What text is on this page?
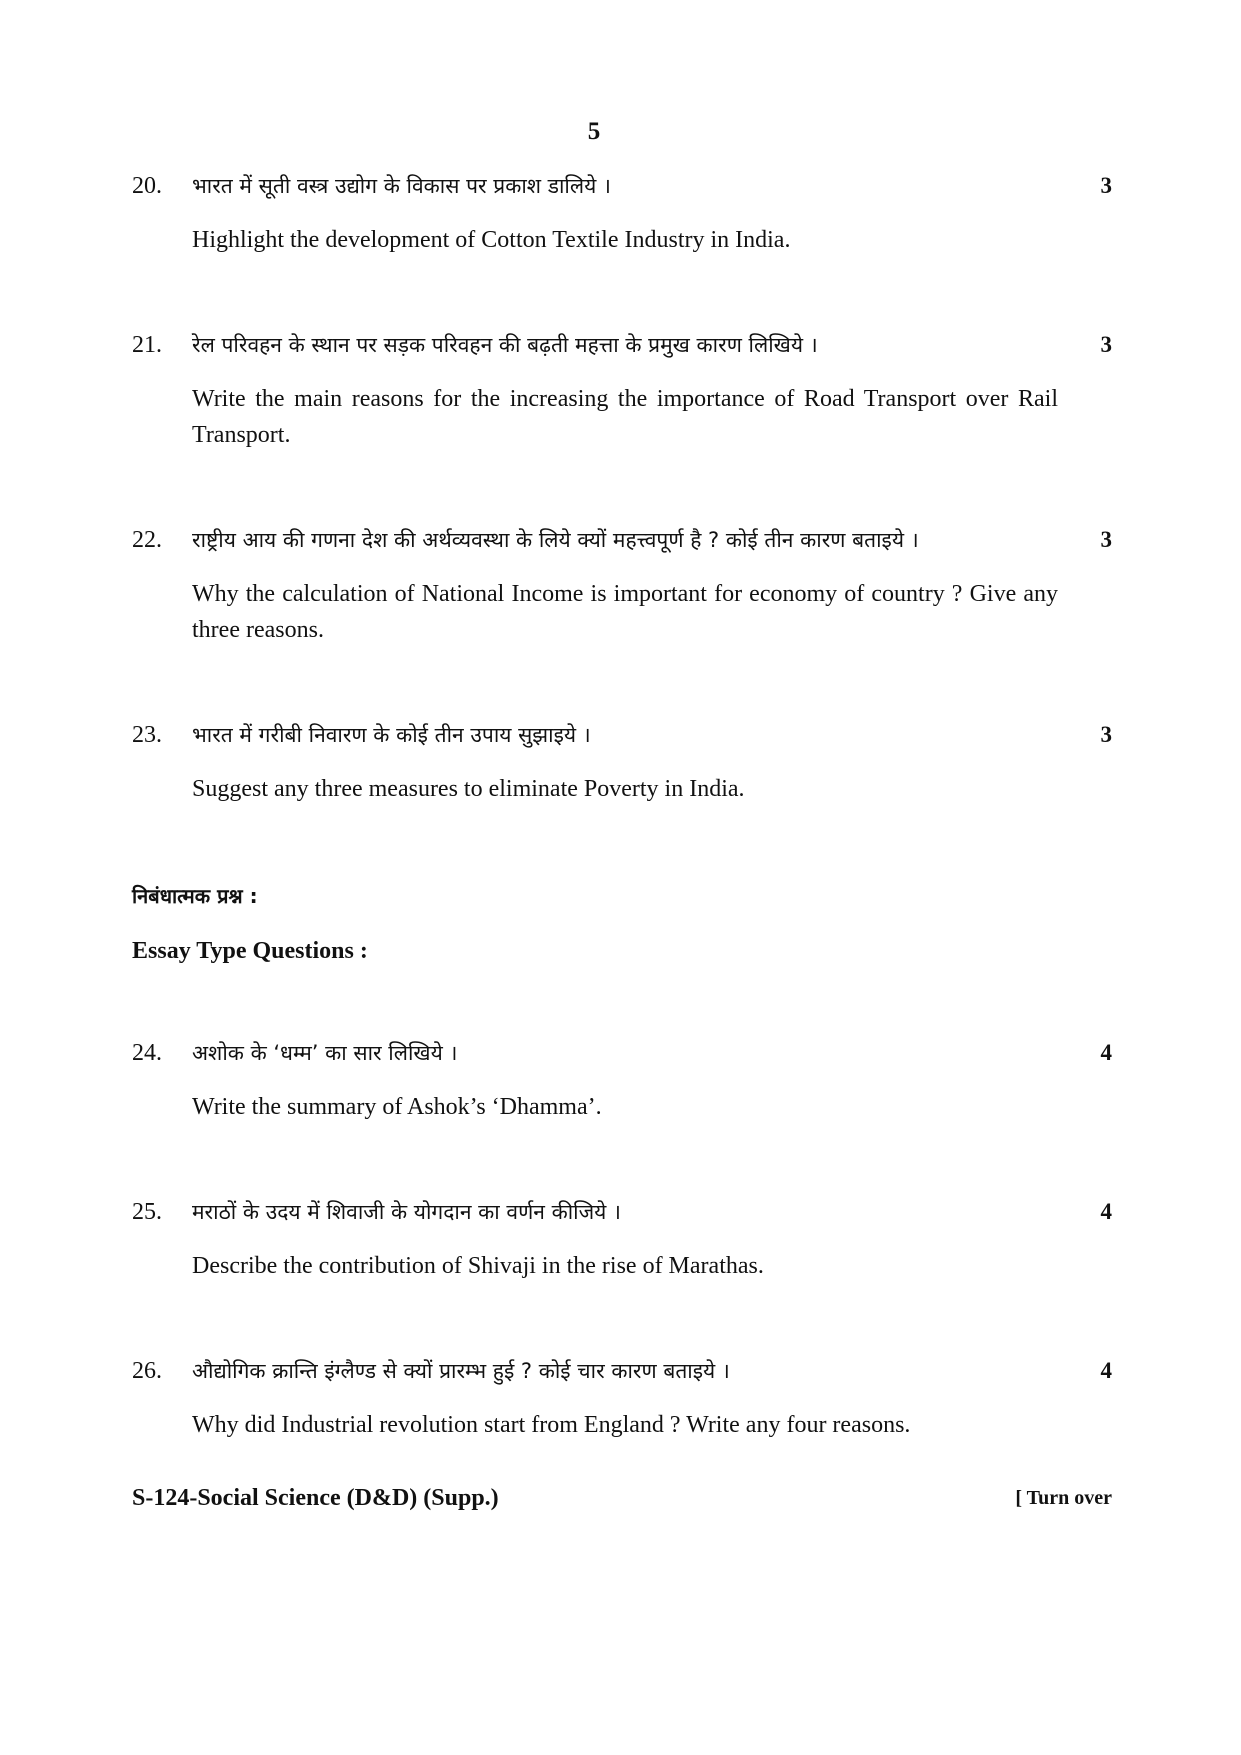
5
20. भारत में सूती वस्त्र उद्योग के विकास पर प्रकाश डालिये ।	3
Highlight the development of Cotton Textile Industry in India.
21. रेल परिवहन के स्थान पर सड़क परिवहन की बढ़ती महत्ता के प्रमुख कारण लिखिये ।	3
Write the main reasons for the increasing the importance of Road Transport over Rail Transport.
22. राष्ट्रीय आय की गणना देश की अर्थव्यवस्था के लिये क्यों महत्त्वपूर्ण है ? कोई तीन कारण बताइये ।	3
Why the calculation of National Income is important for economy of country ? Give any three reasons.
23. भारत में गरीबी निवारण के कोई तीन उपाय सुझाइये ।	3
Suggest any three measures to eliminate Poverty in India.
निबंधात्मक प्रश्न :
Essay Type Questions :
24. अशोक के ‘धम्म’ का सार लिखिये ।	4
Write the summary of Ashok’s ‘Dhamma’.
25. मराठों के उदय में शिवाजी के योगदान का वर्णन कीजिये ।	4
Describe the contribution of Shivaji in the rise of Marathas.
26. औद्योगिक क्रान्ति इंग्लैण्ड से क्यों प्रारम्भ हुई ? कोई चार कारण बताइये ।	4
Why did Industrial revolution start from England ? Write any four reasons.
S-124-Social Science (D&D) (Supp.)	[ Turn over
